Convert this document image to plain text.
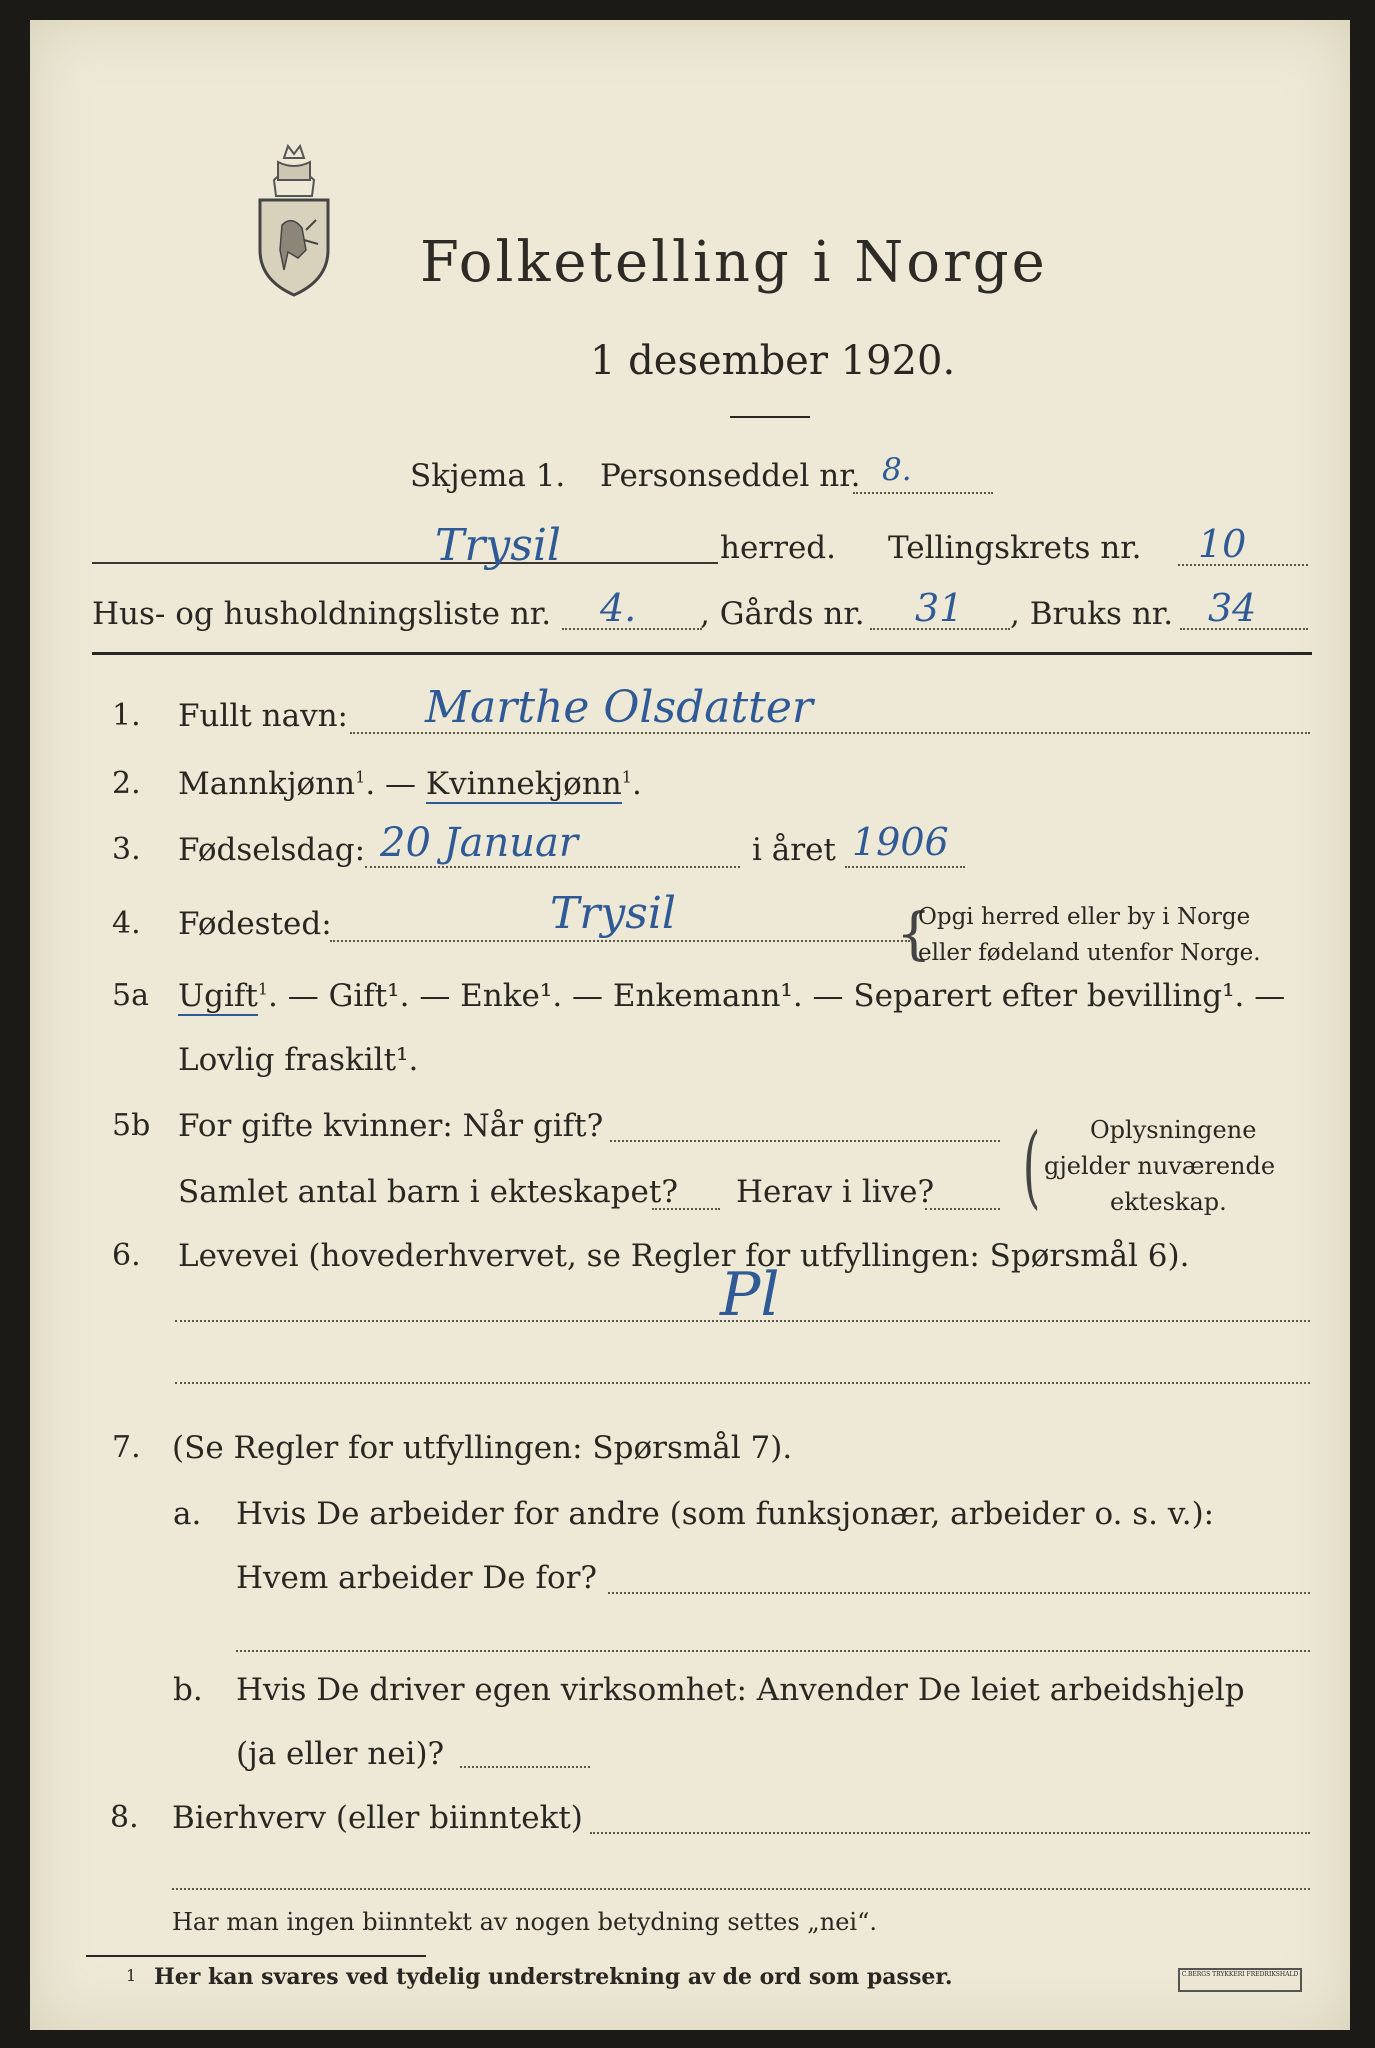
Folketelling i Norge
1 desember 1920.
Skjema 1. Personseddel nr. 8.
Trysil	herred. Tellingskrets nr. 10
Hus- og husholdningsliste nr. 4. , Gårds nr. 31 , Bruks nr. 34
1. Fullt navn: Marthe Olsdatter
2. Mannkjønn$^1$. — Kvinnekjønn$^1$.
3. Fødselsdag: 20 Januar	i året 1906
4. Fødested:	Trysil	{
Opgi herred eller by i Norge
eller fødeland utenfor Norge.
5a Ugift$^1$. — Gift¹. — Enke¹. — Enkemann¹. — Separert efter bevilling¹. —
Lovlig fraskilt¹.
5b For gifte kvinner: Når gift?
Samlet antal barn i ekteskapet? Herav i live? ( Oplysningene
gjelder nuværende
ekteskap.
6. Levevei (hovederhvervet, se Regler for utfyllingen: Spørsmål 6).
Pl
7. (Se Regler for utfyllingen: Spørsmål 7).
a. Hvis De arbeider for andre (som funksjonær, arbeider o. s. v.):
Hvem arbeider De for?
b. Hvis De driver egen virksomhet: Anvender De leiet arbeidshjelp
(ja eller nei)?
8. Bierhverv (eller biinntekt)
Har man ingen biinntekt av nogen betydning settes „nei“.
1 Her kan svares ved tydelig understrekning av de ord som passer.	C.BERGS TRYKKERI FREDRIKSHALD
